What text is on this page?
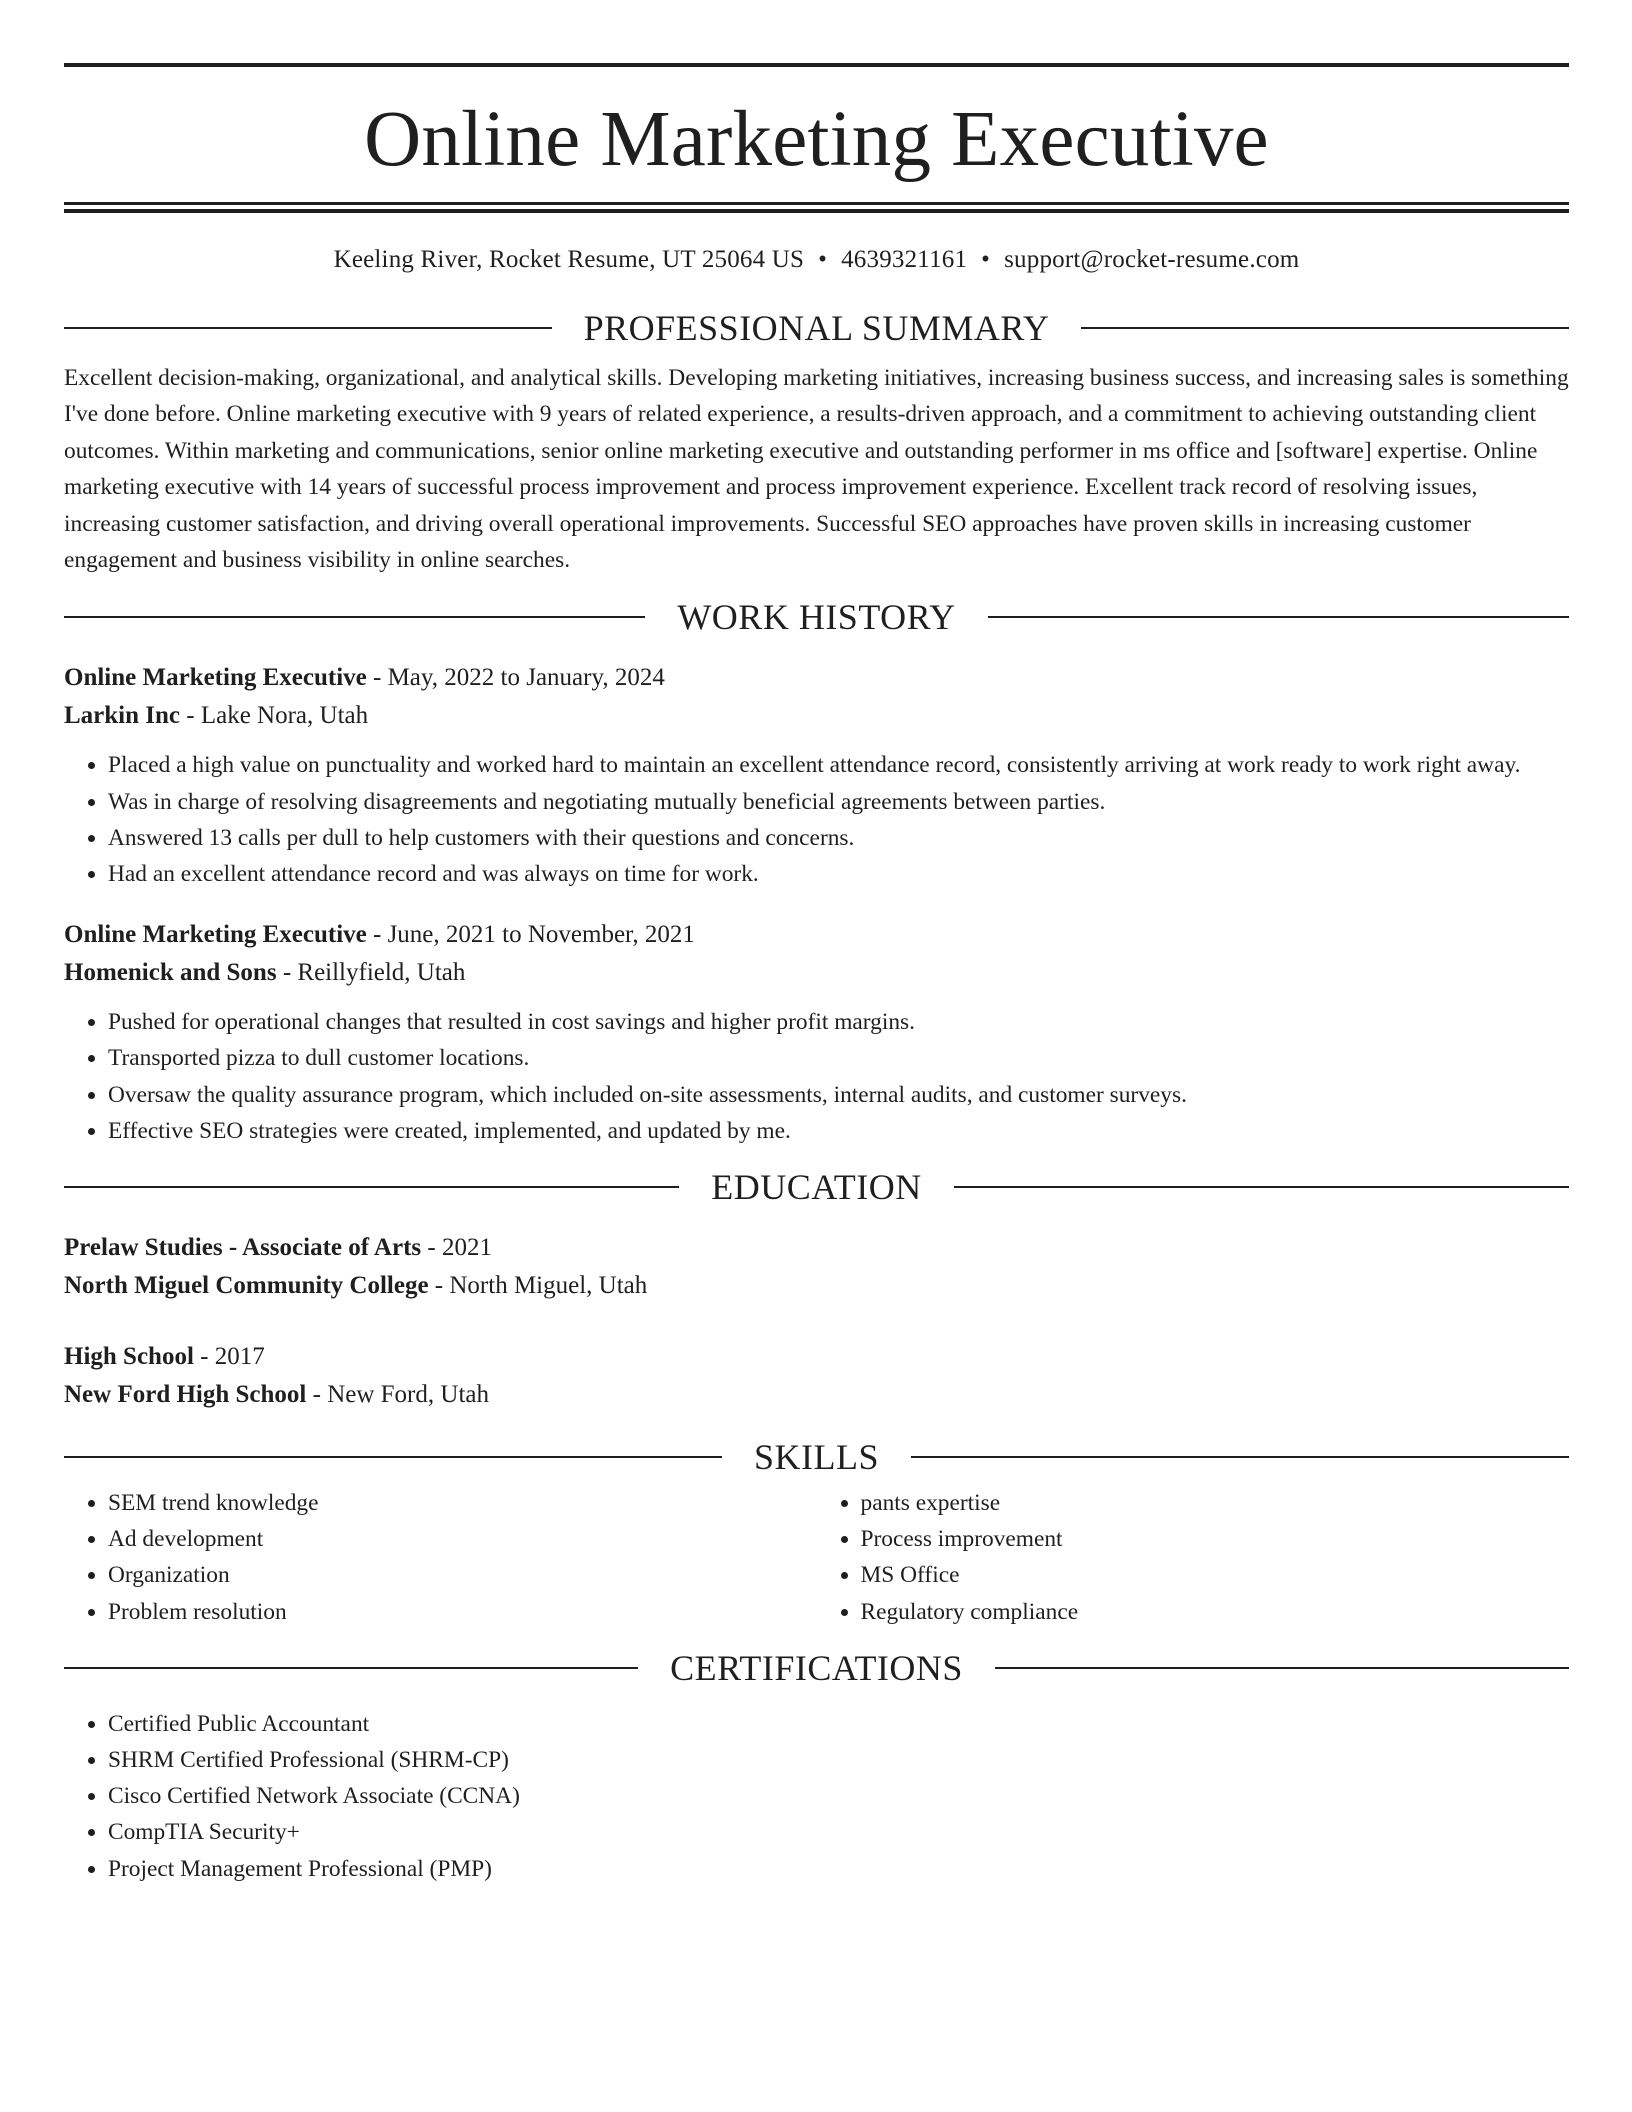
Online Marketing Executive
Keeling River, Rocket Resume, UT 25064 US • 4639321161 • support@rocket-resume.com
PROFESSIONAL SUMMARY

Excellent decision-making, organizational, and analytical skills. Developing marketing initiatives, increasing business success, and increasing sales is something I've done before. Online marketing executive with 9 years of related experience, a results-driven approach, and a commitment to achieving outstanding client outcomes. Within marketing and communications, senior online marketing executive and outstanding performer in ms office and [software] expertise. Online marketing executive with 14 years of successful process improvement and process improvement experience. Excellent track record of resolving issues, increasing customer satisfaction, and driving overall operational improvements. Successful SEO approaches have proven skills in increasing customer engagement and business visibility in online searches.

WORK HISTORY
Online Marketing Executive - May, 2022 to January, 2024
Larkin Inc - Lake Nora, Utah
• Placed a high value on punctuality and worked hard to maintain an excellent attendance record, consistently arriving at work ready to work right away.
• Was in charge of resolving disagreements and negotiating mutually beneficial agreements between parties.
• Answered 13 calls per dull to help customers with their questions and concerns.
• Had an excellent attendance record and was always on time for work.
Online Marketing Executive - June, 2021 to November, 2021
Homenick and Sons - Reillyfield, Utah
• Pushed for operational changes that resulted in cost savings and higher profit margins.
• Transported pizza to dull customer locations.
• Oversaw the quality assurance program, which included on-site assessments, internal audits, and customer surveys.
• Effective SEO strategies were created, implemented, and updated by me.
EDUCATION
Prelaw Studies - Associate of Arts - 2021
North Miguel Community College - North Miguel, Utah
High School - 2017
New Ford High School - New Ford, Utah
SKILLS
• SEM trend knowledge
• Ad development
• Organization
• Problem resolution
• pants expertise
• Process improvement
• MS Office
• Regulatory compliance
CERTIFICATIONS
• Certified Public Accountant
• SHRM Certified Professional (SHRM-CP)
• Cisco Certified Network Associate (CCNA)
• CompTIA Security+
• Project Management Professional (PMP)
